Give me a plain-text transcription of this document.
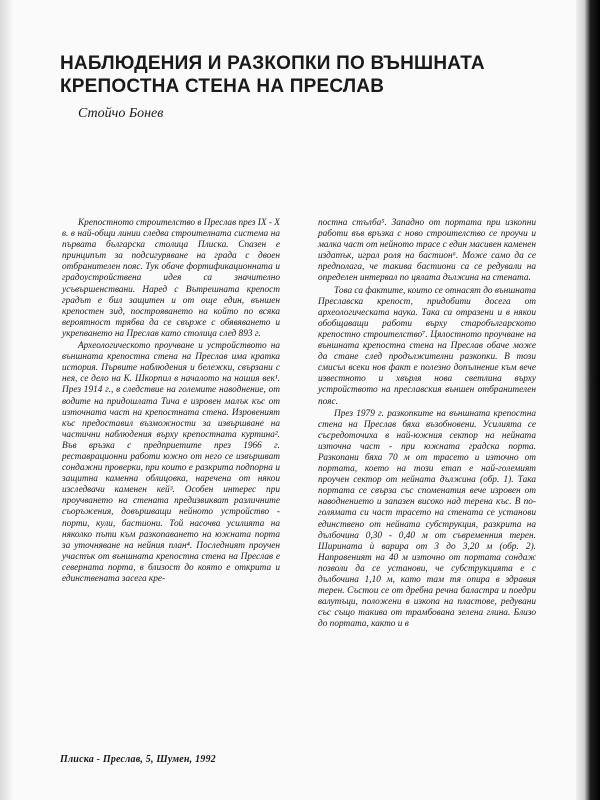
НАБЛЮДЕНИЯ И РАЗКОПКИ ПО ВЪНШНАТА КРЕПОСТНА СТЕНА НА ПРЕСЛАВ
Стойчо Бонев

Крепостното строителство в Преслав през IX - X в. в най-общи линии следва строителната система на първата българска столица Плиска. Спазен е принципът за подсигуряване на града с двоен отбранителен пояс. Тук обаче фортификационната и градоустройствена идея са значително усъвършенствани. Наред с Вътрешната крепост градът е бил защитен и от още един, външен крепостен зид, построяването на който по всяка вероятност трябва да се свърже с обявяването и укрепването на Преслав като столица след 893 г.

Археологическото проучване и устройството на външната крепостна стена на Преслав има кратка история. Първите наблюдения и бележки, свързани с нея, се дело на К. Шкорпил в началото на нашия век¹. През 1914 г., в следствие на големите наводнение, от водите на придошлата Тича е изровен малък къс от източната част на крепостната стена. Изровеният къс предоставил възможности за извършване на частични наблюдения върху крепостната куртина². Във връзка с предприетите през 1966 г. реставрационни работи южно от него се извършват сондажни проверки, при които е разкрита подпорна и защитна каменна облицовка, наречена от някои изследвачи каменен кей³. Особен интерес при проучването на стената предизвикват различните съоръжения, довършващи нейното устройство - порти, кули, бастиони. Той насочва усилията на няколко пъти към разкопаването на южната порта за уточняване на нейния план⁴. Последният проучен участък от външната крепостна стена на Преслав е северната порта, в близост до която е открита и единствената засега кре-

постна стълба⁵. Западно от портата при изкопни работи във връзка с ново строителство се проучи и малка част от нейното трасе с един масивен каменен издатък, играл роля на бастион⁶. Може само да се предполага, че такива бастиони са се редували на определен интервал по цялата дължина на стената.

Това са фактите, които се отнасят до външната Преславска крепост, придобити досега от археологическата наука. Така са отразени и в някои обобщаващи работи върху старобългарското крепостно строителство⁷. Цялостното проучване на външната крепостна стена на Преслав обаче може да стане след продължителни разкопки. В този смисъл всеки нов факт е полезно допълнение към вече известното и хвърля нова светлина върху устройството на преславския външен отбранителен пояс.

През 1979 г. разкопките на външната крепостна стена на Преслав бяха възобновени. Усилията се съсредоточиха в най-южния сектор на нейната източна част - при южната градска порта. Разкопани бяха 70 м от трасето и източно от портата, което на този етап е най-големият проучен сектор от нейната дължина (обр. 1). Така портата се свърза със споменатия вече изровен от наводнението и запазен високо над терена къс. В по-голямата си част трасето на стената се установи единствено от нейната субструкция, разкрита на дълбочина 0,30 - 0,40 м от съвременния терен. Ширината ѝ варира от 3 до 3,20 м (обр. 2). Направеният на 40 м източно от портата сондаж позволи да се установи, че субструкцията е с дълбочина 1,10 м, като там тя опира в здравия терен. Състои се от дребна речна баластра и поедри валутъци, положени в изкопа на пластове, редувани със също такива от трамбована зелена глина. Близо до портата, както и в

Плиска - Преслав, 5, Шумен, 1992
